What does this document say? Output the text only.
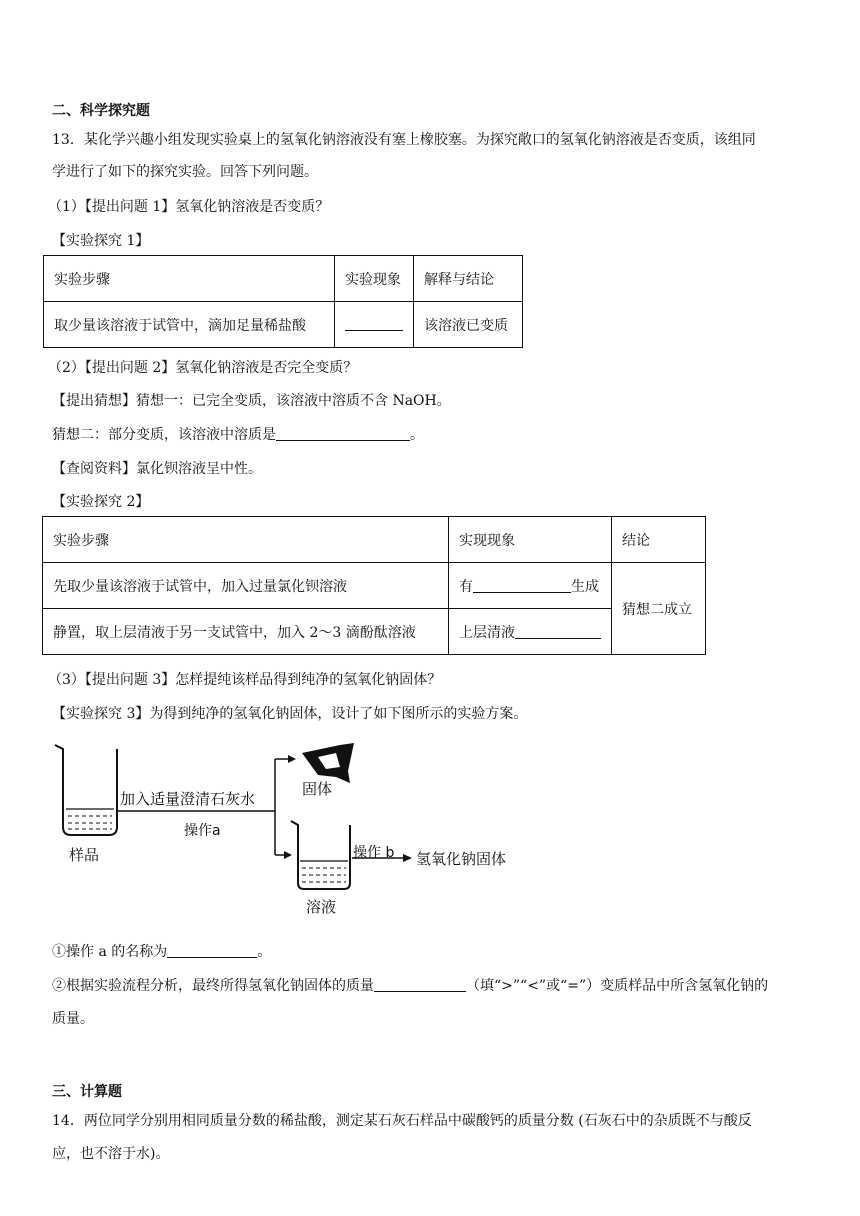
二、科学探究题
13．某化学兴趣小组发现实验桌上的氢氧化钠溶液没有塞上橡胶塞。为探究敞口的氢氧化钠溶液是否变质，该组同
学进行了如下的探究实验。回答下列问题。
（1）【提出问题 1】氢氧化钠溶液是否变质？
【实验探究 1】
实验步骤	实验现象	解释与结论
取少量该溶液于试管中，滴加足量稀盐酸		该溶液已变质
（2）【提出问题 2】氢氧化钠溶液是否完全变质？
【提出猜想】猜想一：已完全变质，该溶液中溶质不含 NaOH。
猜想二：部分变质，该溶液中溶质是	。
【查阅资料】氯化钡溶液呈中性。
【实验探究 2】
实验步骤	实现现象	结论
先取少量该溶液于试管中，加入过量氯化钡溶液	有 生成	猜想二成立
静置，取上层清液于另一支试管中，加入 2～3 滴酚酞溶液	上层清液	
（3）【提出问题 3】怎样提纯该样品得到纯净的氢氧化钠固体？
【实验探究 3】为得到纯净的氢氧化钠固体，设计了如下图所示的实验方案。
加入适量澄清石灰水
操作a
样品
固体
操作 b 氢氧化钠固体
溶液
①操作 a 的名称为	。
②根据实验流程分析，最终所得氢氧化钠固体的质量	（填“>”“<”或“=”）变质样品中所含氢氧化钠的
质量。
三、计算题
14．两位同学分别用相同质量分数的稀盐酸，测定某石灰石样品中碳酸钙的质量分数 (石灰石中的杂质既不与酸反
应，也不溶于水)。
